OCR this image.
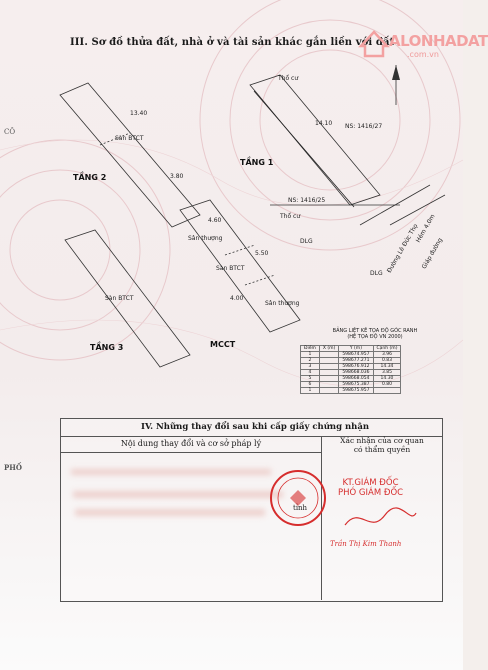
III. Sơ đồ thửa đất, nhà ở và tài sản khác gắn liền với đất
ALONHADAT
.com.vn
Thổ cư
Thổ cư
NS: 1416/27
NS: 1416/25
TẦNG 1
TẦNG 2
TẦNG 3	MCCT
Sàn BTCT
Sàn BTCT
Sân thượng
Sàn BTCT
Sân thượng
DLG
DLG
Hẻm 4.0m
Đường Lê Đức Thọ Giáp đường
13.40
14.10
4.60
3.80
5.50
4.00
BẢNG LIỆT KÊ TỌA ĐỘ GÓC RANH
(HỆ TỌA ĐỘ VN 2000)
Điểm	X (m)	Y (m)	Cạnh (m)
1		598674.957	3.96
2		598677.271	0.83
3		598676.912	14.34
4		598668.036	3.85
5		598668.054	14.30
6		598675.387	0.80
1		598675.957	
IV. Những thay đổi sau khi cấp giấy chứng nhận
Nội dung thay đổi và cơ sở pháp lý	Xác nhận của cơ quan
có thẩm quyền
tỉnh
KT.GIÁM ĐỐC
PHÓ GIÁM ĐỐC
Trần Thị Kim Thanh
CÔ
PHỐ
